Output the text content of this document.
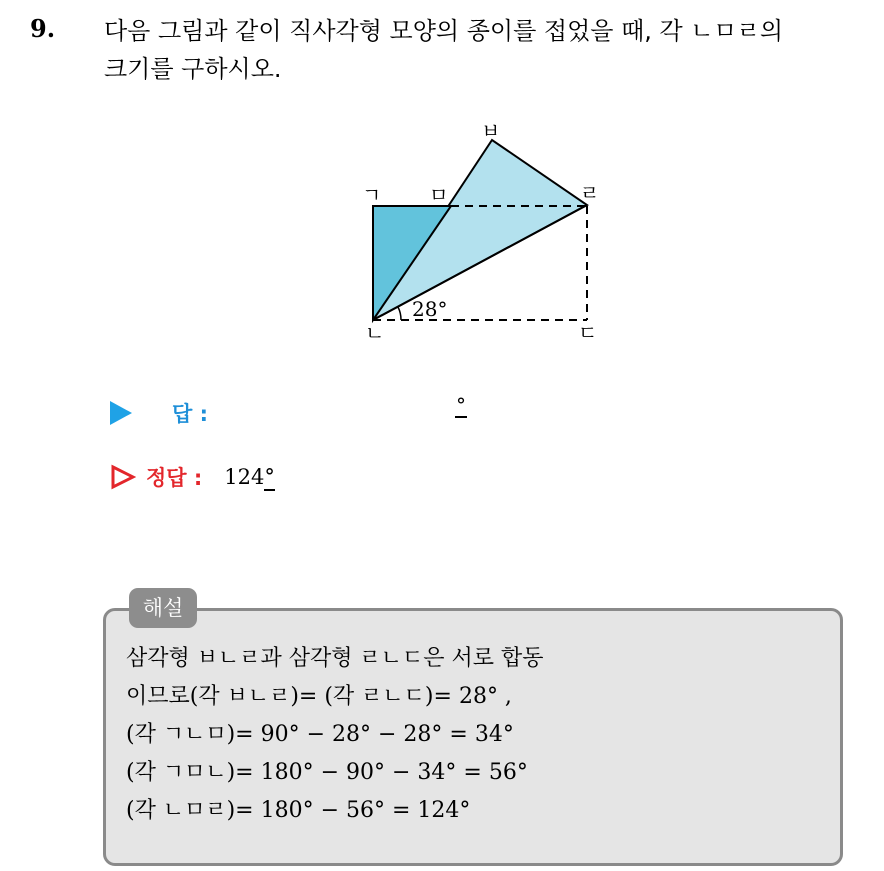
9. 다음 그림과 같이 직사각형 모양의 종이를 접었을 때, 각 ㄴㅁㄹ의
크기를 구하시오.
28°
ㄱ ㅁ
ㅂ
ㄹ
ㄴ	ㄷ
답 :	°
정답 : 124°
해설
삼각형 ㅂㄴㄹ과 삼각형 ㄹㄴㄷ은 서로 합동
이므로(각 ㅂㄴㄹ)= (각 ㄹㄴㄷ)= 28° ,
(각 ㄱㄴㅁ)= 90° − 28° − 28° = 34°
(각 ㄱㅁㄴ)= 180° − 90° − 34° = 56°
(각 ㄴㅁㄹ)= 180° − 56° = 124°
